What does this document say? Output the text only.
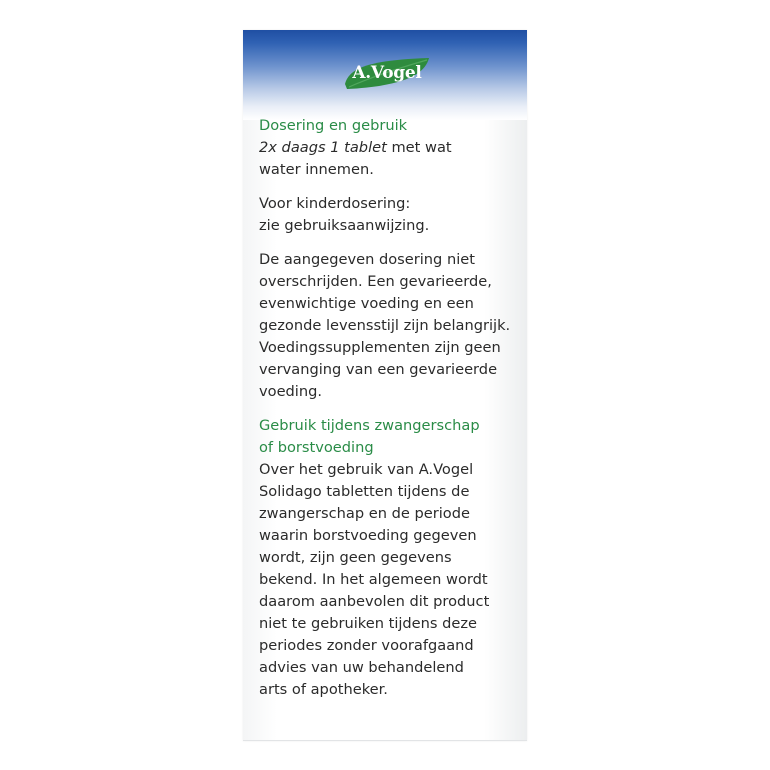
A.Vogel

Dosering en gebruik

2x daags 1 tablet met wat

water innemen.

Voor kinderdosering:

zie gebruiksaanwijzing.

De aangegeven dosering niet

overschrijden. Een gevarieerde,

evenwichtige voeding en een

gezonde levensstijl zijn belangrijk.

Voedingssupplementen zijn geen

vervanging van een gevarieerde

voeding.

Gebruik tijdens zwangerschap

of borstvoeding

Over het gebruik van A.Vogel

Solidago tabletten tijdens de

zwangerschap en de periode

waarin borstvoeding gegeven

wordt, zijn geen gegevens

bekend. In het algemeen wordt

daarom aanbevolen dit product

niet te gebruiken tijdens deze

periodes zonder voorafgaand

advies van uw behandelend

arts of apotheker.
